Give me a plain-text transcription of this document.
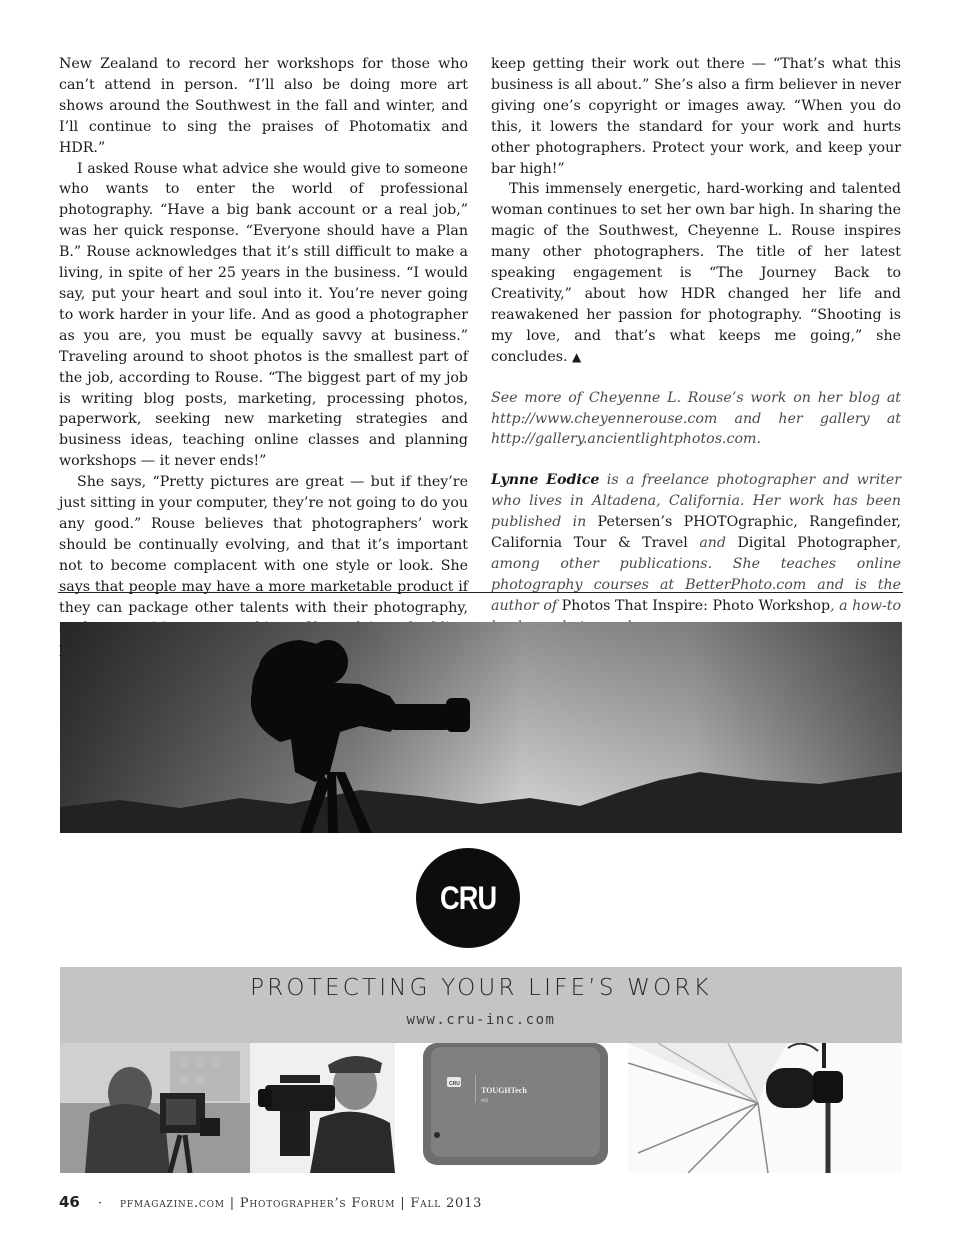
New Zealand to record her workshops for those who can’t attend in person. “I’ll also be doing more art shows around the Southwest in the fall and winter, and I’ll continue to sing the praises of Photomatix and HDR.”

I asked Rouse what advice she would give to someone who wants to enter the world of professional photography. “Have a big bank account or a real job,” was her quick response. “Everyone should have a Plan B.” Rouse acknowledges that it’s still difficult to make a living, in spite of her 25 years in the business. “I would say, put your heart and soul into it. You’re never going to work harder in your life. And as good a photographer as you are, you must be equally savvy at business.” Traveling around to shoot photos is the smallest part of the job, according to Rouse. “The biggest part of my job is writing blog posts, marketing, processing photos, paperwork, seeking new marketing strategies and business ideas, teaching online classes and planning workshops — it never ends!”

She says, “Pretty pictures are great — but if they’re just sitting in your computer, they’re not going to do you any good.” Rouse believes that photographers’ work should be continually evolving, and that it’s important not to become complacent with one style or look. She says that people may have a more marketable product if they can package other talents with their photography,

keep getting their work out there — “That’s what this business is all about.” She’s also a firm believer in never giving one’s copyright or images away. “When you do this, it lowers the standard for your work and hurts other photographers. Protect your work, and keep your bar high!”

This immensely energetic, hard-working and talented woman continues to set her own bar high. In sharing the magic of the Southwest, Cheyenne L. Rouse inspires many other photographers. The title of her latest speaking engagement is “The Journey Back to Creativity,” about how HDR changed her life and reawakened her passion for photography. “Shooting is my love, and that’s what keeps me going,” she concludes. ▲

See more of Cheyenne L. Rouse’s work on her blog at http://www.cheyennerouse.com and her gallery at http://gallery.ancientlightphotos.com.

Lynne Eodice is a freelance photographer and writer who lives in Altadena, California. Her work has been published in Petersen’s PHOTOgraphic, Rangefinder, California Tour & Travel and Digital Photographer, among other publications. She teaches online photography courses at BetterPhoto.com and is the author of Photos That Inspire: Photo Workshop, a how-to

CRU
PROTECTING YOUR LIFE’S WORK
www.cru-inc.com
CRU
TOUGHTech
m3
46 · pfmagazine.com | Photographer’s Forum | Fall 2013
